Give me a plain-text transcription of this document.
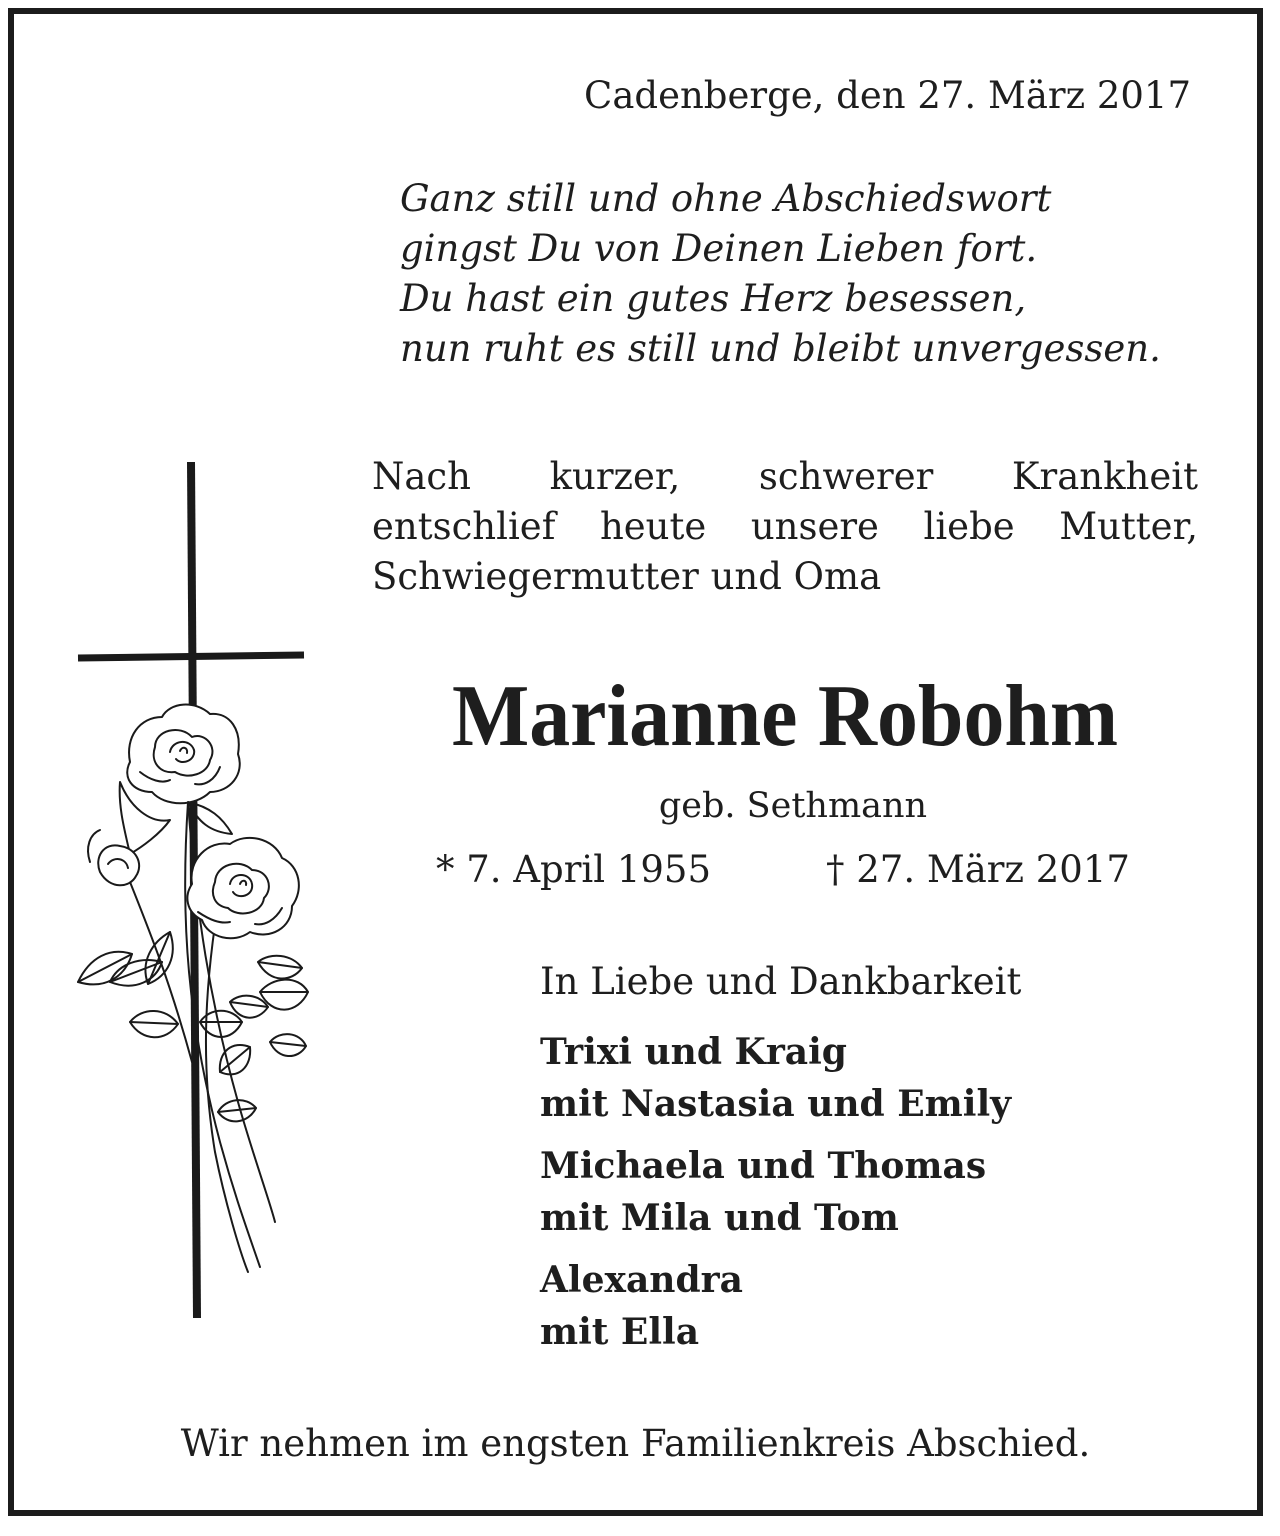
Cadenberge, den 27. März 2017

Ganz still und ohne Abschiedswort
gingst Du von Deinen Lieben fort.
Du hast ein gutes Herz besessen,
nun ruht es still und bleibt unvergessen.
Nach kurzer, schwerer Krankheit
entschlief heute unsere liebe Mutter,
Schwiegermutter und Oma
Marianne Robohm

geb. Sethmann

* 7. April 1955	† 27. März 2017

In Liebe und Dankbarkeit

Trixi und Kraig
mit Nastasia und Emily
Michaela und Thomas
mit Mila und Tom
Alexandra
mit Ella

Wir nehmen im engsten Familienkreis Abschied.
